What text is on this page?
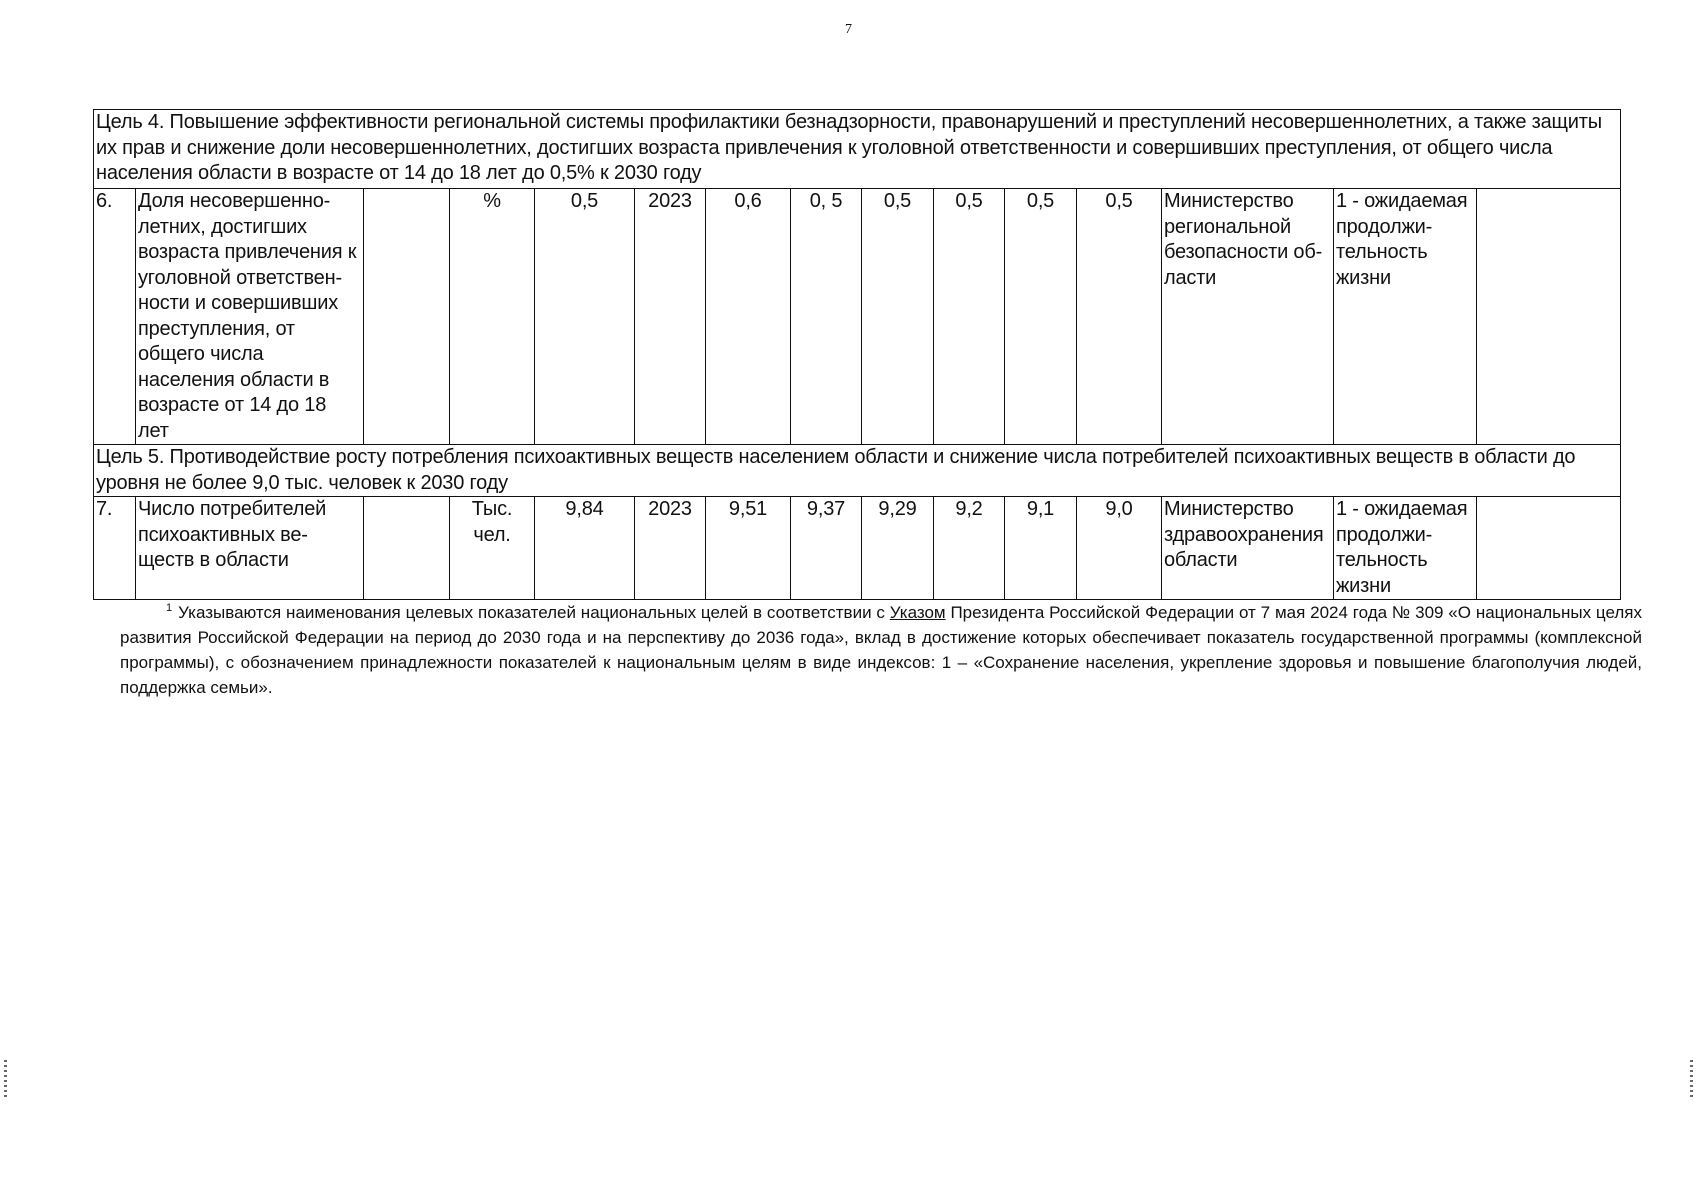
7
Цель 4. Повышение эффективности региональной системы профилактики безнадзорности, правонарушений и преступлений несовершеннолетних, а также защиты их прав и снижение доли несовершеннолетних, достигших возраста привлечения к уголовной ответственности и совершивших преступления, от общего числа населения области в возрасте от 14 до 18 лет до 0,5% к 2030 году														
6.	Доля несовершенно-летних, достигших возраста привлечения к уголовной ответствен-ности и совершивших преступления, от общего числа населения области в возрасте от 14 до 18 лет		%	0,5	2023	0,6	0, 5	0,5	0,5	0,5	0,5	Министерство региональной безопасности об-ласти	1 - ожидаемая продолжи-тельность жизни	
Цель 5. Противодействие росту потребления психоактивных веществ населением области и снижение числа потребителей психоактивных веществ в области до уровня не более 9,0 тыс. человек к 2030 году														
7.	Число потребителей психоактивных ве-ществ в области		Тыс. чел.	9,84	2023	9,51	9,37	9,29	9,2	9,1	9,0	Министерство здравоохранения области	1 - ожидаемая продолжи-тельность жизни	
$^1$ Указываются наименования целевых показателей национальных целей в соответствии с Указом Президента Российской Федерации от 7 мая 2024 года № 309 «О национальных целях развития Российской Федерации на период до 2030 года и на перспективу до 2036 года», вклад в достижение которых обеспечивает показатель государственной программы (комплексной программы), с обозначением принадлежности показателей к национальным целям в виде индексов: 1 – «Сохранение населения, укрепление здоровья и повышение благополучия людей, поддержка семьи».
